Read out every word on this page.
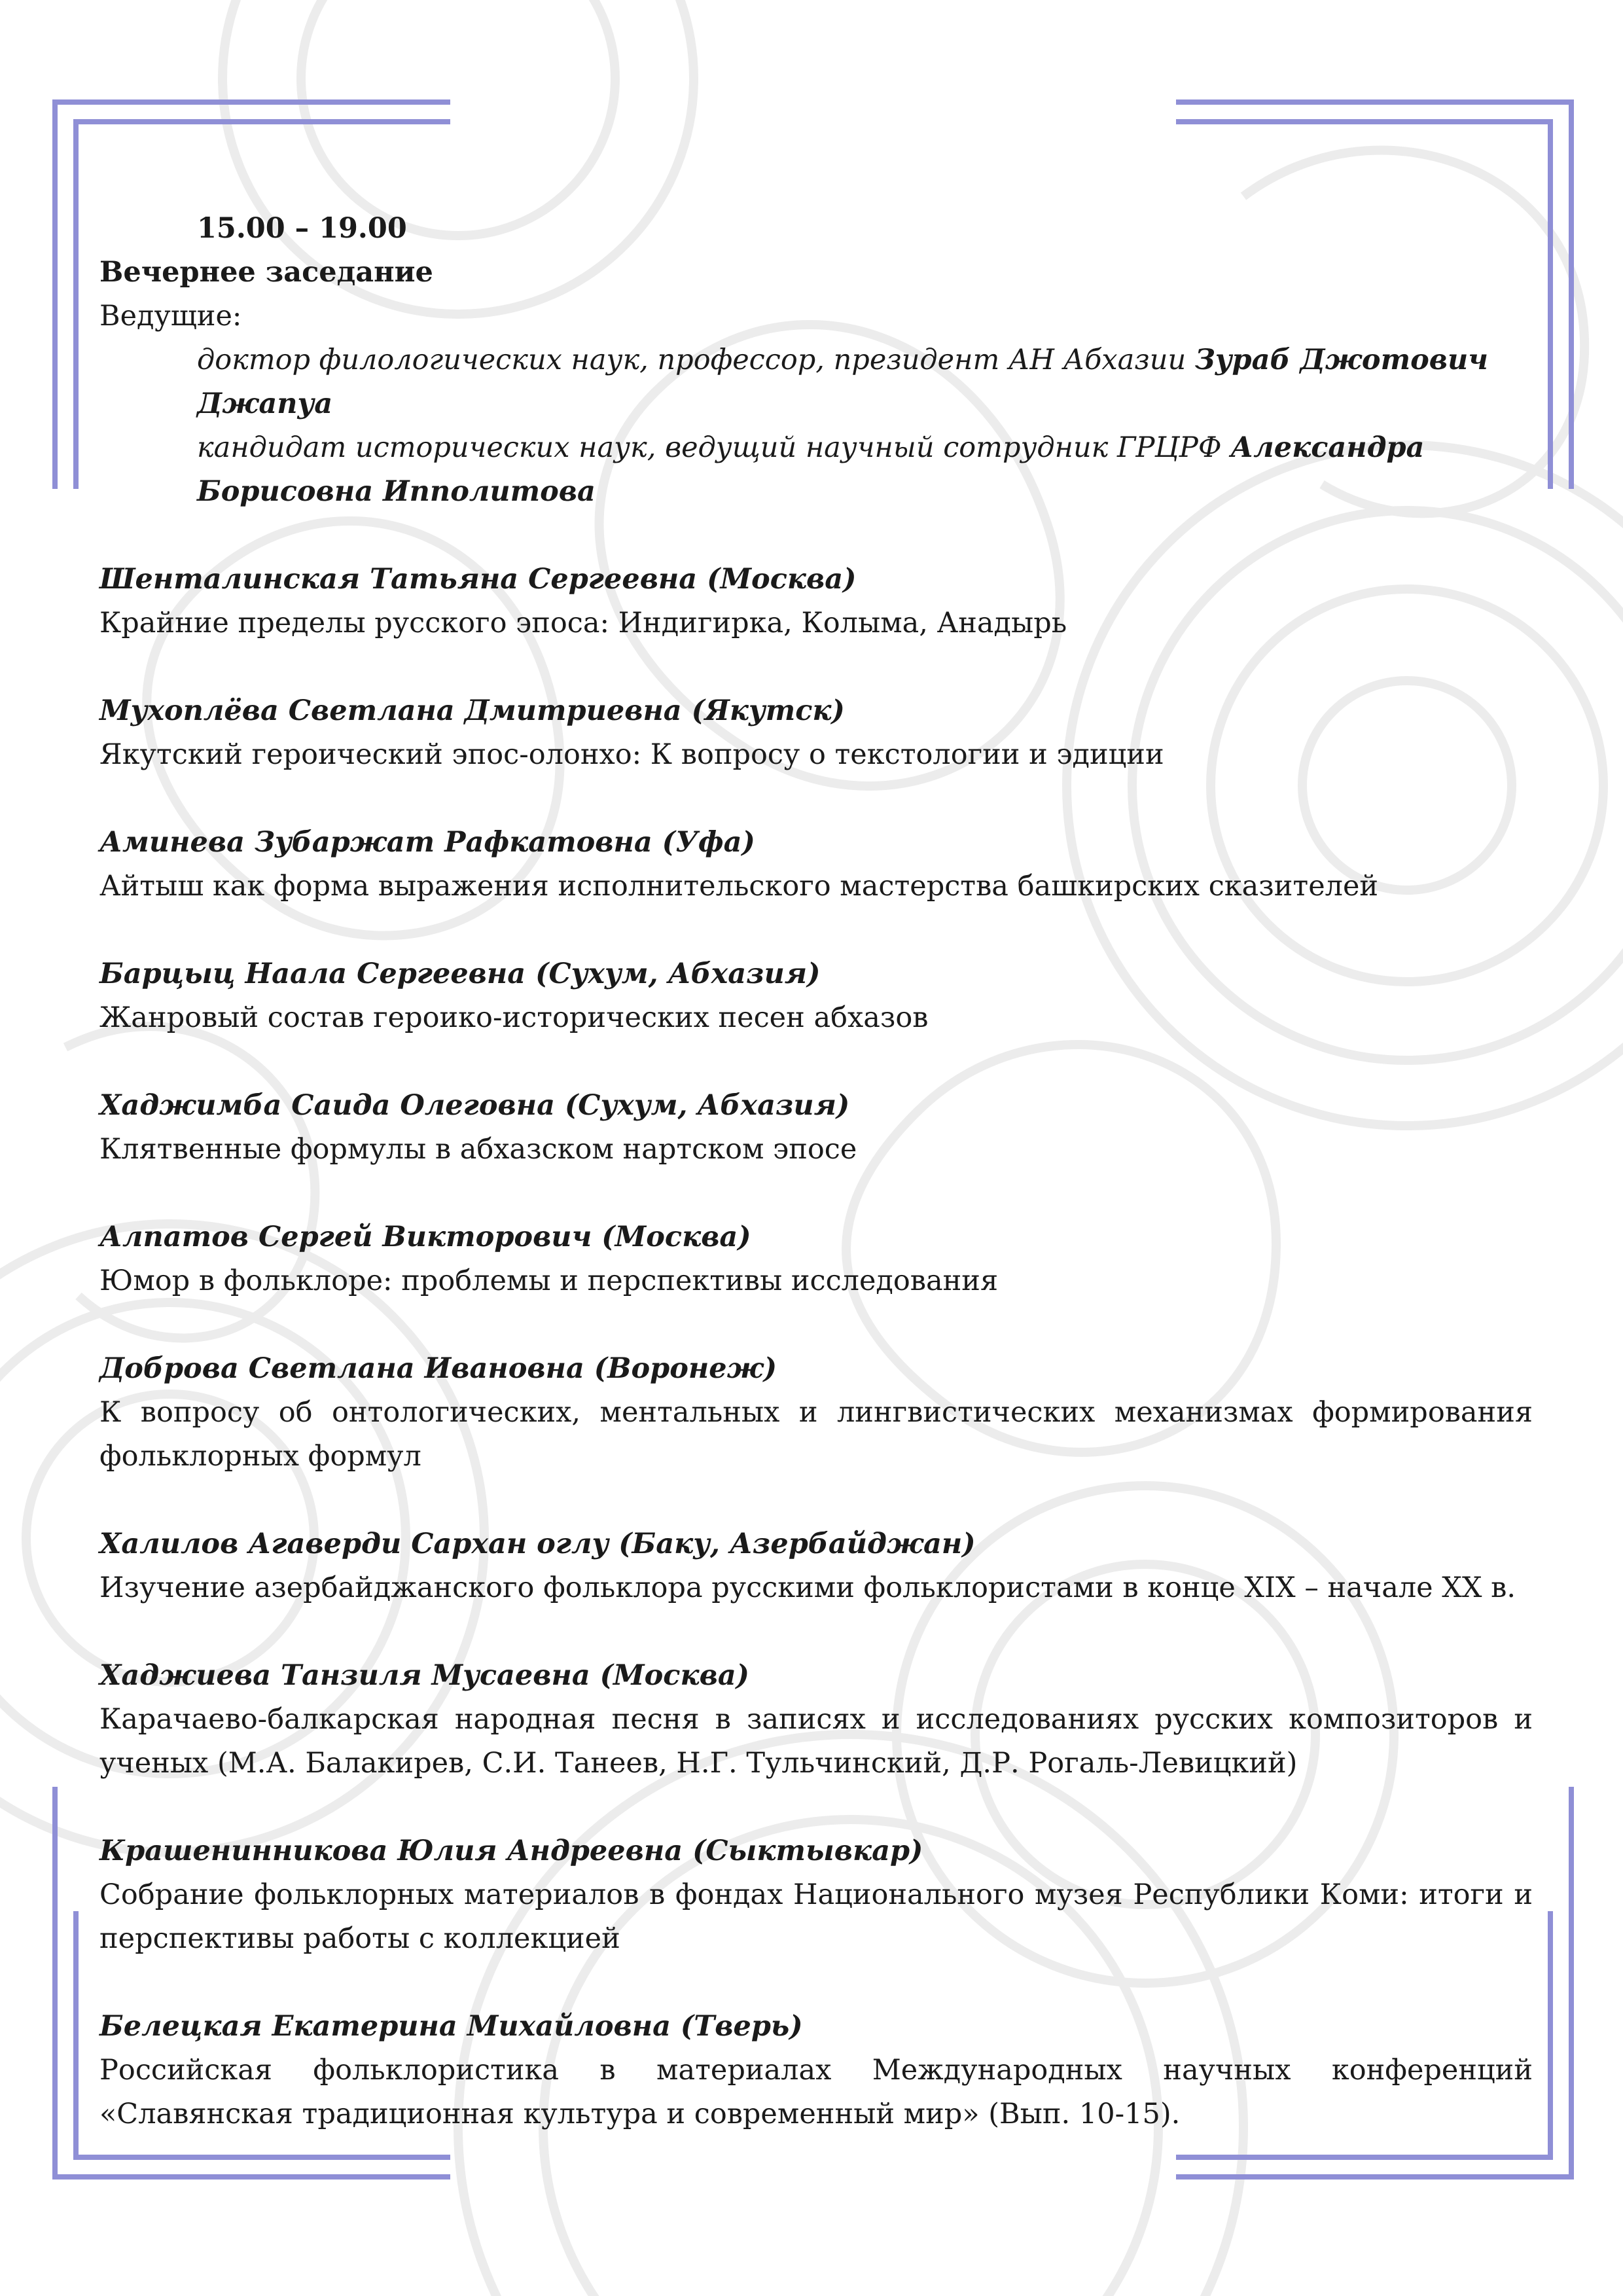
15.00 – 19.00
Вечернее заседание
Ведущие:
доктор филологических наук, профессор, президент АН Абхазии Зураб Джотович Джапуа
кандидат исторических наук, ведущий научный сотрудник ГРЦРФ Александра Борисовна Ипполитова
Шенталинская Татьяна Сергеевна (Москва)
Крайние пределы русского эпоса: Индигирка, Колыма, Анадырь
Мухоплёва Светлана Дмитриевна (Якутск)
Якутский героический эпос-олонхо: К вопросу о текстологии и эдиции
Аминева Зубаржат Рафкатовна (Уфа)
Айтыш как форма выражения исполнительского мастерства башкирских сказителей
Барцыц Наала Сергеевна (Сухум, Абхазия)
Жанровый состав героико-исторических песен абхазов
Хаджимба Саида Олеговна (Сухум, Абхазия)
Клятвенные формулы в абхазском нартском эпосе
Алпатов Сергей Викторович (Москва)
Юмор в фольклоре: проблемы и перспективы исследования
Доброва Светлана Ивановна (Воронеж)
К вопросу об онтологических, ментальных и лингвистических механизмах формирования фольклорных формул
Халилов Агаверди Сархан оглу (Баку, Азербайджан)
Изучение азербайджанского фольклора русскими фольклористами в конце XIX – начале XX в.
Хаджиева Танзиля Мусаевна (Москва)
Карачаево-балкарская народная песня в записях и исследованиях русских композиторов и ученых (М.А. Балакирев, С.И. Танеев, Н.Г. Тульчинский, Д.Р. Рогаль-Левицкий)
Крашенинникова Юлия Андреевна (Сыктывкар)
Собрание фольклорных материалов в фондах Национального музея Республики Коми: итоги и перспективы работы с коллекцией
Белецкая Екатерина Михайловна (Тверь)
Российская фольклористика в материалах Международных научных конференций «Славянская традиционная культура и современный мир» (Вып. 10-15).
